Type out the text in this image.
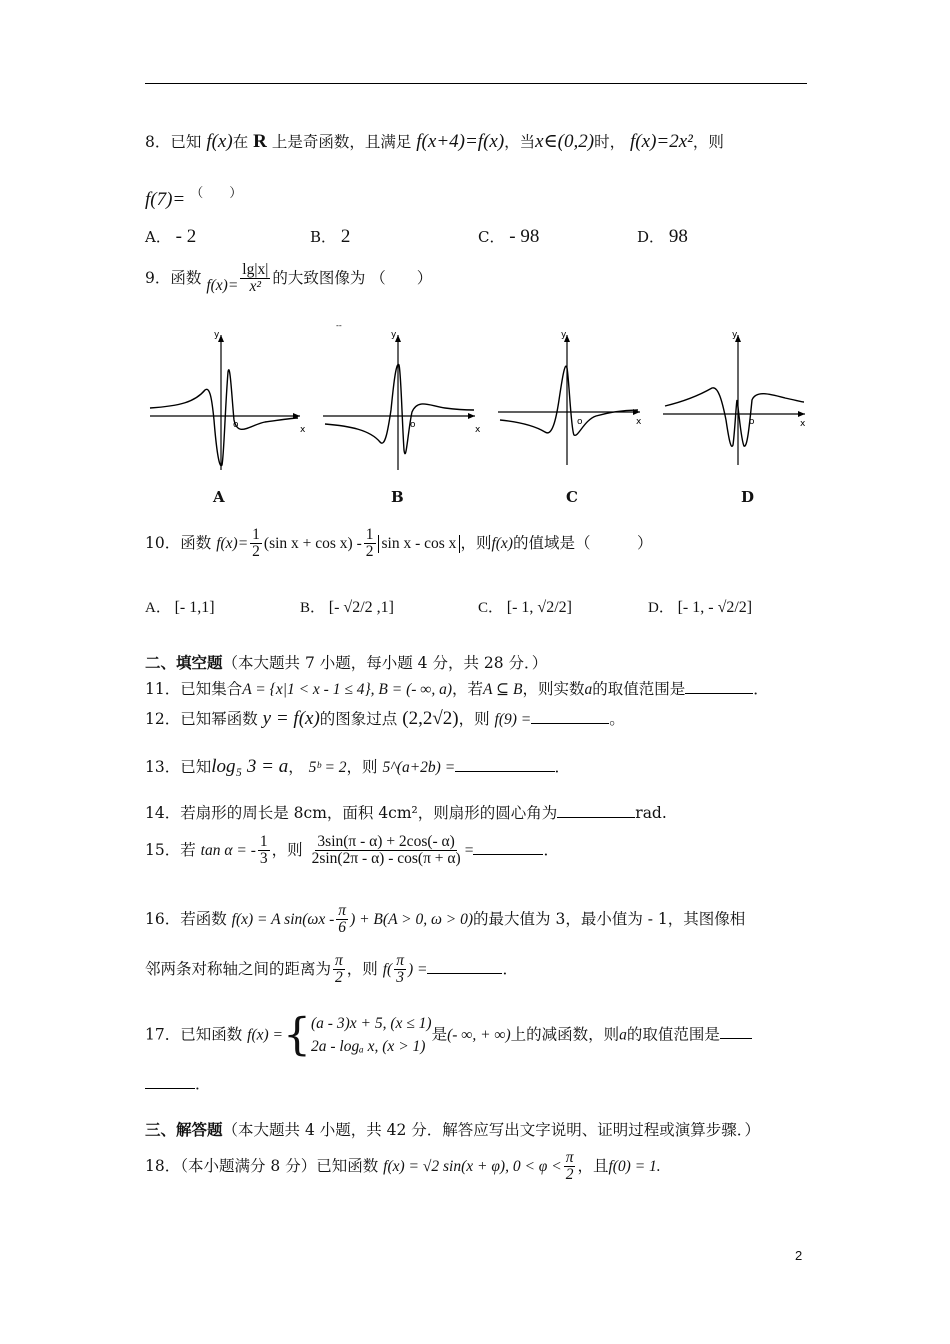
8．已知 f(x)在 R 上是奇函数，且满足 f(x+4)=f(x)，当x∈(0,2)时， f(x)=2x²，则
f(7)= （　　）
A． - 2	B． 2	C． - 98	D． 98
9．函数 $f(x)= \frac{\lg|x|}{\text{x²}}$ 的大致图像为 （　　）
y
x
o
y
x
o
y
x
o
y
x
o
--
A	B	C	D
10．函数 $f(x)= \frac{1}{2} (\sin$ $x + \cos x) - \frac{1}{2}$ sin x - cos x ，则f(x)的值域是（　　　）
A． [- 1,1]	B． [- √2/2 ,1]	C． [- 1, √2/2]	D． [- 1, - √2/2]
二、填空题（本大题共 7 小题，每小题 4 分，共 28 分．）
11．已知集合A = {x|1 < x - 1 ≤ 4}, B = (- ∞, a)，若A ⊆ B，则实数a的取值范围是	．
12．已知幂函数 y = f(x)的图象过点 (2,2√2)，则 f(9) =	。
13．已知log₅ 3 = a， 5ᵇ = 2，则 5^(a+2b) =	．
14．若扇形的周长是 8cm，面积 4cm²，则扇形的圆心角为	rad.
15．若 tan α = - $\frac{1}{3}$ ，则 $\frac{3\sin(\pi - \alpha) + 2\cos(- \alpha)}{2\sin(2\pi - \alpha) - \cos(\pi + \alpha)}$ =	．
16．若函数 f(x) = A $\sin(\omega x - \frac{\pi}{6}$ ) + B(A > 0, ω > 0)的最大值为 3，最小值为 - 1，其图像相
邻两条对称轴之间的距离为 $\frac{\pi}{2}$ ，则 $f( \frac{\pi}{3}$ ) =	．
17．已知函数 f(x) ={ (a - 3)x + 5, (x ≤ 1)
2a - logₐ x, (x > 1)
是(- ∞, + ∞)上的减函数，则a的取值范围是
．
三、解答题（本大题共 4 小题，共 42 分．解答应写出文字说明、证明过程或演算步骤．）
18．（本小题满分 8 分）已知函数 f(x) = √2 sin(x + φ), $0 < \varphi < \frac{\pi}{2}$ ，且f(0) = 1.
2
